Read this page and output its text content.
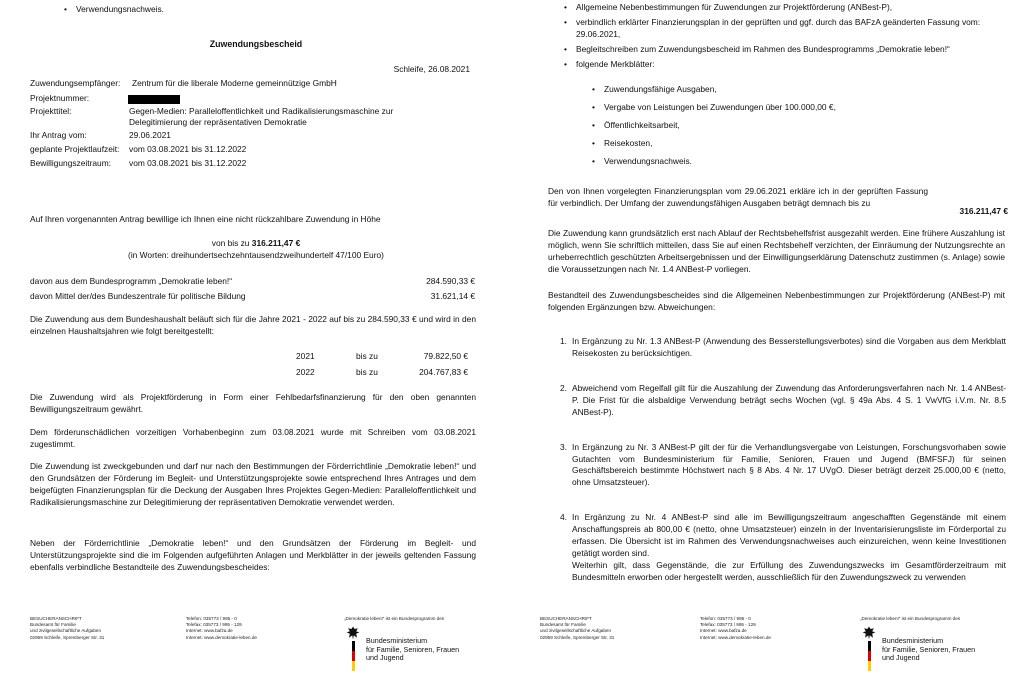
•	Verwendungsnachweis.
Zuwendungsbescheid
Schleife, 26.08.2021
Zuwendungsempfänger:	Zentrum für die liberale Moderne gemeinnützige GmbH
Projektnummer:
Projekttitel:	Gegen-Medien: Paralleloffentlichkeit und Radikalisierungsmaschine zur
Delegitimierung der repräsentativen Demokratie
Ihr Antrag vom:	29.06.2021
geplante Projektlaufzeit:	vom 03.08.2021 bis 31.12.2022
Bewilligungszeitraum:	vom 03.08.2021 bis 31.12.2022
Auf Ihren vorgenannten Antrag bewillige ich Ihnen eine nicht rückzahlbare Zuwendung in Höhe
von bis zu 316.211,47 €
(in Worten: dreihundertsechzehntausendzweihundertelf 47/100 Euro)
davon aus dem Bundesprogramm „Demokratie leben!“	284.590,33 €
davon Mittel der/des Bundeszentrale für politische Bildung	31.621,14 €
Die Zuwendung aus dem Bundeshaushalt beläuft sich für die Jahre 2021 - 2022 auf bis zu 284.590,33 € und wird in den einzelnen Haushaltsjahren wie folgt bereitgestellt:
2021	bis zu	79.822,50 €
2022	bis zu	204.767,83 €
Die Zuwendung wird als Projektförderung in Form einer Fehlbedarfsfinanzierung für den oben genannten Bewilligungszeitraum gewährt.
Dem förderunschädlichen vorzeitigen Vorhabenbeginn zum 03.08.2021 wurde mit Schreiben vom 03.08.2021 zugestimmt.
Die Zuwendung ist zweckgebunden und darf nur nach den Bestimmungen der Förderrichtlinie „Demokratie leben!“ und den Grundsätzen der Förderung im Begleit- und Unterstützungsprojekte sowie entsprechend Ihres Antrages und dem beigefügten Finanzierungsplan für die Deckung der Ausgaben Ihres Projektes Gegen-Medien: Paralleloffentlichkeit und Radikalisierungsmaschine zur Delegitimierung der repräsentativen Demokratie verwendet werden.
Neben der Förderrichtlinie „Demokratie leben!“ und den Grundsätzen der Förderung im Begleit- und Unterstützungsprojekte sind die im Folgenden aufgeführten Anlagen und Merkblätter in der jeweils geltenden Fassung ebenfalls verbindliche Bestandteile des Zuwendungsbescheides:
BESUCHERANSCHRIFT
Bundesamt für Familie
und zivilgesellschaftliche Aufgaben
02959 Schleife, Spremberger Str. 31
Telefon: 035773 / 995 - 0
Telefax: 035773 / 995 - 129
Internet: www.bafza.de
Internet: www.demokratie-leben.de
„Demokratie leben!“ ist ein Bundesprogramm des
Bundesministerium
für Familie, Senioren, Frauen
und Jugend
•	Allgemeine Nebenbestimmungen für Zuwendungen zur Projektförderung (ANBest-P),
•	verbindlich erklärter Finanzierungsplan in der geprüften und ggf. durch das BAFzA geänderten Fassung vom: 29.06.2021,
•	Begleitschreiben zum Zuwendungsbescheid im Rahmen des Bundesprogramms „Demokratie leben!“
•	folgende Merkblätter:
•	Zuwendungsfähige Ausgaben,
•	Vergabe von Leistungen bei Zuwendungen über 100.000,00 €,
•	Öffentlichkeitsarbeit,
•	Reisekosten,
•	Verwendungsnachweis.
Den von Ihnen vorgelegten Finanzierungsplan vom 29.06.2021 erkläre ich in der geprüften Fassung für verbindlich. Der Umfang der zuwendungsfähigen Ausgaben beträgt demnach bis zu
316.211,47 €
Die Zuwendung kann grundsätzlich erst nach Ablauf der Rechtsbehelfsfrist ausgezahlt werden. Eine frühere Auszahlung ist möglich, wenn Sie schriftlich mitteilen, dass Sie auf einen Rechtsbehelf verzichten, der Einräumung der Nutzungsrechte an urheberrechtlich geschützten Arbeitsergebnissen und der Einwilligungserklärung Datenschutz zustimmen (s. Anlage) sowie die Voraussetzungen nach Nr. 1.4 ANBest-P vorliegen.
Bestandteil des Zuwendungsbescheides sind die Allgemeinen Nebenbestimmungen zur Projektförderung (ANBest-P) mit folgenden Ergänzungen bzw. Abweichungen:
1. In Ergänzung zu Nr. 1.3 ANBest-P (Anwendung des Besserstellungsverbotes) sind die Vorgaben aus dem Merkblatt Reisekosten zu berücksichtigen.
2. Abweichend vom Regelfall gilt für die Auszahlung der Zuwendung das Anforderungsverfahren nach Nr. 1.4 ANBest-P. Die Frist für die alsbaldige Verwendung beträgt sechs Wochen (vgl. § 49a Abs. 4 S. 1 VwVfG i.V.m. Nr. 8.5 ANBest-P).
3. In Ergänzung zu Nr. 3 ANBest-P gilt der für die Verhandlungsvergabe von Leistungen, Forschungsvorhaben sowie Gutachten vom Bundesministerium für Familie, Senioren, Frauen und Jugend (BMFSFJ) für seinen Geschäftsbereich bestimmte Höchstwert nach § 8 Abs. 4 Nr. 17 UVgO. Dieser beträgt derzeit 25.000,00 € (netto, ohne Umsatzsteuer).
4. In Ergänzung zu Nr. 4 ANBest-P sind alle im Bewilligungszeitraum angeschafften Gegenstände mit einem Anschaffungspreis ab 800,00 € (netto, ohne Umsatzsteuer) einzeln in der Inventarisierungsliste im Förderportal zu erfassen. Die Übersicht ist im Rahmen des Verwendungsnachweises auch einzureichen, wenn keine Investitionen getätigt worden sind.
Weiterhin gilt, dass Gegenstände, die zur Erfüllung des Zuwendungszwecks im Gesamtförderzeitraum mit Bundesmitteln erworben oder hergestellt werden, ausschließlich für den Zuwendungszweck zu verwenden
BESUCHERANSCHRIFT
Bundesamt für Familie
und zivilgesellschaftliche Aufgaben
02959 Schleife, Spremberger Str. 31
Telefon: 035773 / 995 - 0
Telefax: 035773 / 995 - 129
Internet: www.bafza.de
Internet: www.demokratie-leben.de
„Demokratie leben!“ ist ein Bundesprogramm des
Bundesministerium
für Familie, Senioren, Frauen
und Jugend
